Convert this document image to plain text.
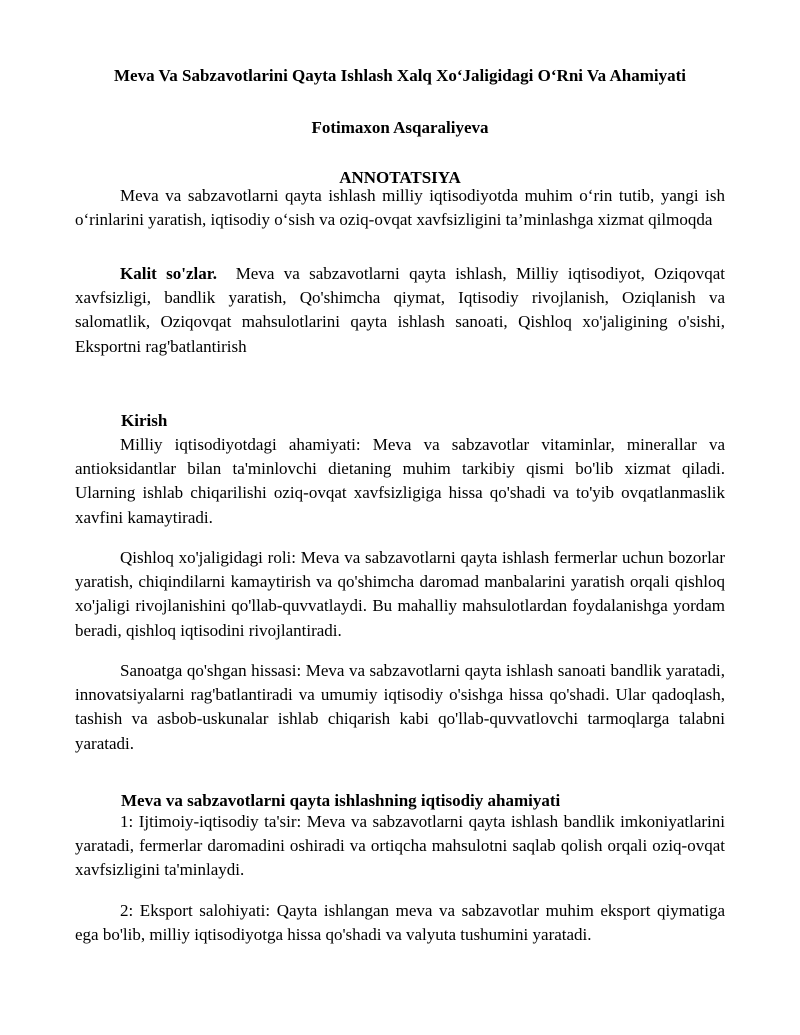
Meva Va Sabzavotlarini Qayta Ishlash Xalq Xo‘Jaligidagi O‘Rni Va Ahamiyati

Fotimaxon Asqaraliyeva

ANNOTATSIYA

Meva va sabzavotlarni qayta ishlash milliy iqtisodiyotda muhim o‘rin tutib, yangi ish o‘rinlarini yaratish, iqtisodiy o‘sish va oziq-ovqat xavfsizligini ta’minlashga xizmat qilmoqda

Kalit so'zlar. Meva va sabzavotlarni qayta ishlash, Milliy iqtisodiyot, Oziqovqat xavfsizligi, bandlik yaratish, Qo'shimcha qiymat, Iqtisodiy rivojlanish, Oziqlanish va salomatlik, Oziqovqat mahsulotlarini qayta ishlash sanoati, Qishloq xo'jaligining o'sishi, Eksportni rag'batlantirish

Kirish

Milliy iqtisodiyotdagi ahamiyati: Meva va sabzavotlar vitaminlar, minerallar va antioksidantlar bilan ta'minlovchi dietaning muhim tarkibiy qismi bo'lib xizmat qiladi. Ularning ishlab chiqarilishi oziq-ovqat xavfsizligiga hissa qo'shadi va to'yib ovqatlanmaslik xavfini kamaytiradi.

Qishloq xo'jaligidagi roli: Meva va sabzavotlarni qayta ishlash fermerlar uchun bozorlar yaratish, chiqindilarni kamaytirish va qo'shimcha daromad manbalarini yaratish orqali qishloq xo'jaligi rivojlanishini qo'llab-quvvatlaydi. Bu mahalliy mahsulotlardan foydalanishga yordam beradi, qishloq iqtisodini rivojlantiradi.

Sanoatga qo'shgan hissasi: Meva va sabzavotlarni qayta ishlash sanoati bandlik yaratadi, innovatsiyalarni rag'batlantiradi va umumiy iqtisodiy o'sishga hissa qo'shadi. Ular qadoqlash, tashish va asbob-uskunalar ishlab chiqarish kabi qo'llab-quvvatlovchi tarmoqlarga talabni yaratadi.

Meva va sabzavotlarni qayta ishlashning iqtisodiy ahamiyati

1: Ijtimoiy-iqtisodiy ta'sir: Meva va sabzavotlarni qayta ishlash bandlik imkoniyatlarini yaratadi, fermerlar daromadini oshiradi va ortiqcha mahsulotni saqlab qolish orqali oziq-ovqat xavfsizligini ta'minlaydi.

2: Eksport salohiyati: Qayta ishlangan meva va sabzavotlar muhim eksport qiymatiga ega bo'lib, milliy iqtisodiyotga hissa qo'shadi va valyuta tushumini yaratadi.
